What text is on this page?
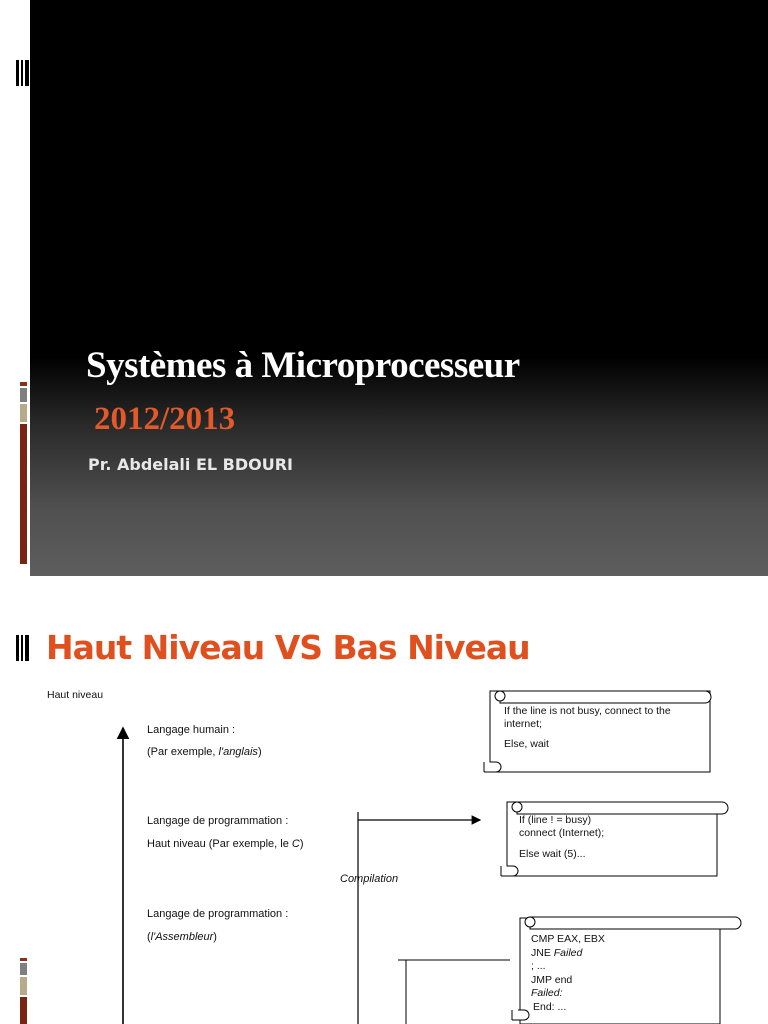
Systèmes à Microprocesseur
2012/2013

Pr. Abdelali EL BDOURI

Haut Niveau VS Bas Niveau
Haut niveau
Langage humain :
(Par exemple, l'anglais)
Langage de programmation :
Haut niveau (Par exemple, le C)
Compilation
Langage de programmation :
(l'Assembleur)
If the line is not busy, connect to the
internet;
Else, wait
If (line ! = busy)
connect (Internet);
Else wait (5)...
CMP EAX, EBX
JNE Failed
; ...
JMP end
Failed:
End: ...
